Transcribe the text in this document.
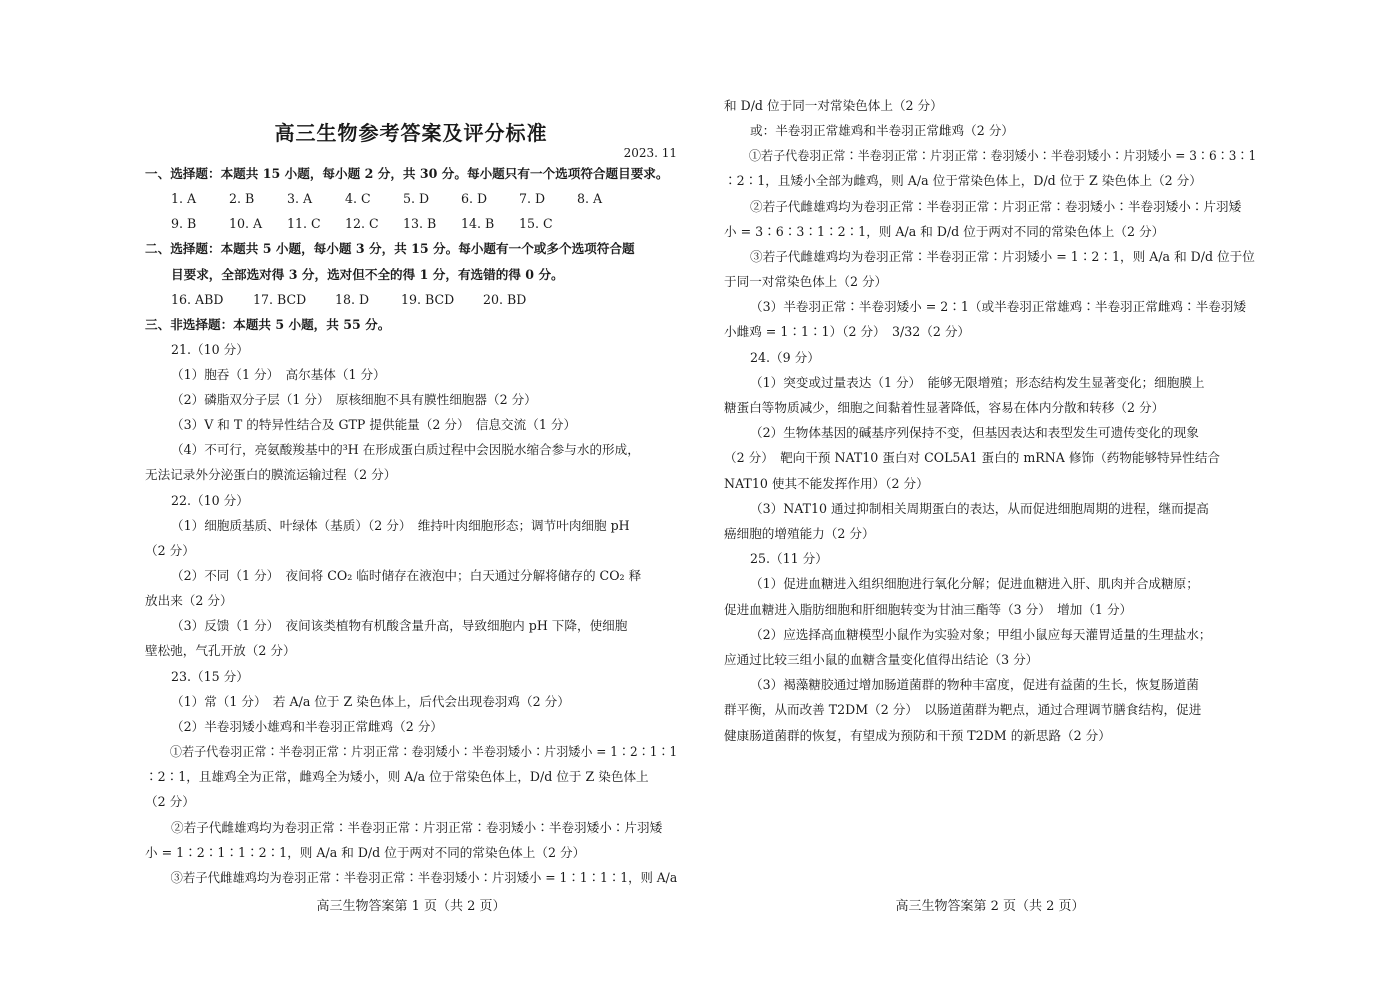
高三生物参考答案及评分标准
2023. 11
一、选择题：本题共 15 小题，每小题 2 分，共 30 分。每小题只有一个选项符合题目要求。
1. A	2. B	3. A	4. C	5. D	6. D	7. D	8. A
9. B	10. A 11. C 12. C 13. B 14. B 15. C
二、选择题：本题共 5 小题，每小题 3 分，共 15 分。每小题有一个或多个选项符合题
目要求，全部选对得 3 分，选对但不全的得 1 分，有选错的得 0 分。
16. ABD 17. BCD 18. D	19. BCD 20. BD
三、非选择题：本题共 5 小题，共 55 分。
21.（10 分）
（1）胞吞（1 分）　高尔基体（1 分）
（2）磷脂双分子层（1 分）　原核细胞不具有膜性细胞器（2 分）
（3）V 和 T 的特异性结合及 GTP 提供能量（2 分）　信息交流（1 分）
（4）不可行，亮氨酸羧基中的³H 在形成蛋白质过程中会因脱水缩合参与水的形成，
无法记录外分泌蛋白的膜流运输过程（2 分）
22.（10 分）
（1）细胞质基质、叶绿体（基质）（2 分）　维持叶肉细胞形态；调节叶肉细胞 pH
（2 分）
（2）不同（1 分）　夜间将 CO₂ 临时储存在液泡中；白天通过分解将储存的 CO₂ 释
放出来（2 分）
（3）反馈（1 分）　夜间该类植物有机酸含量升高，导致细胞内 pH 下降，使细胞
壁松弛，气孔开放（2 分）
23.（15 分）
（1）常（1 分）　若 A/a 位于 Z 染色体上，后代会出现卷羽鸡（2 分）
（2）半卷羽矮小雄鸡和半卷羽正常雌鸡（2 分）
①若子代卷羽正常∶半卷羽正常∶片羽正常∶卷羽矮小∶半卷羽矮小∶片羽矮小 = 1∶2∶1∶1
∶2∶1，且雄鸡全为正常，雌鸡全为矮小，则 A/a 位于常染色体上，D/d 位于 Z 染色体上
（2 分）
②若子代雌雄鸡均为卷羽正常∶半卷羽正常∶片羽正常∶卷羽矮小∶半卷羽矮小∶片羽矮
小 = 1∶2∶1∶1∶2∶1，则 A/a 和 D/d 位于两对不同的常染色体上（2 分）
③若子代雌雄鸡均为卷羽正常∶半卷羽正常∶半卷羽矮小∶片羽矮小 = 1∶1∶1∶1，则 A/a
高三生物答案第 1 页（共 2 页）
和 D/d 位于同一对常染色体上（2 分）
或：半卷羽正常雄鸡和半卷羽正常雌鸡（2 分）
①若子代卷羽正常∶半卷羽正常∶片羽正常∶卷羽矮小∶半卷羽矮小∶片羽矮小 = 3∶6∶3∶1
∶2∶1，且矮小全部为雌鸡，则 A/a 位于常染色体上，D/d 位于 Z 染色体上（2 分）
②若子代雌雄鸡均为卷羽正常∶半卷羽正常∶片羽正常∶卷羽矮小∶半卷羽矮小∶片羽矮
小 = 3∶6∶3∶1∶2∶1，则 A/a 和 D/d 位于两对不同的常染色体上（2 分）
③若子代雌雄鸡均为卷羽正常∶半卷羽正常∶片羽矮小 = 1∶2∶1，则 A/a 和 D/d 位于位
于同一对常染色体上（2 分）
（3）半卷羽正常∶半卷羽矮小 = 2∶1（或半卷羽正常雄鸡∶半卷羽正常雌鸡∶半卷羽矮
小雌鸡 = 1∶1∶1）（2 分）　3/32（2 分）
24.（9 分）
（1）突变或过量表达（1 分）　能够无限增殖；形态结构发生显著变化；细胞膜上
糖蛋白等物质减少，细胞之间黏着性显著降低，容易在体内分散和转移（2 分）
（2）生物体基因的碱基序列保持不变，但基因表达和表型发生可遗传变化的现象
（2 分）　靶向干预 NAT10 蛋白对 COL5A1 蛋白的 mRNA 修饰（药物能够特异性结合
NAT10 使其不能发挥作用）（2 分）
（3）NAT10 通过抑制相关周期蛋白的表达，从而促进细胞周期的进程，继而提高
癌细胞的增殖能力（2 分）
25.（11 分）
（1）促进血糖进入组织细胞进行氧化分解；促进血糖进入肝、肌肉并合成糖原；
促进血糖进入脂肪细胞和肝细胞转变为甘油三酯等（3 分）　增加（1 分）
（2）应选择高血糖模型小鼠作为实验对象；甲组小鼠应每天灌胃适量的生理盐水；
应通过比较三组小鼠的血糖含量变化值得出结论（3 分）
（3）褐藻糖胶通过增加肠道菌群的物种丰富度，促进有益菌的生长，恢复肠道菌
群平衡，从而改善 T2DM（2 分）　以肠道菌群为靶点，通过合理调节膳食结构，促进
健康肠道菌群的恢复，有望成为预防和干预 T2DM 的新思路（2 分）
高三生物答案第 2 页（共 2 页）
